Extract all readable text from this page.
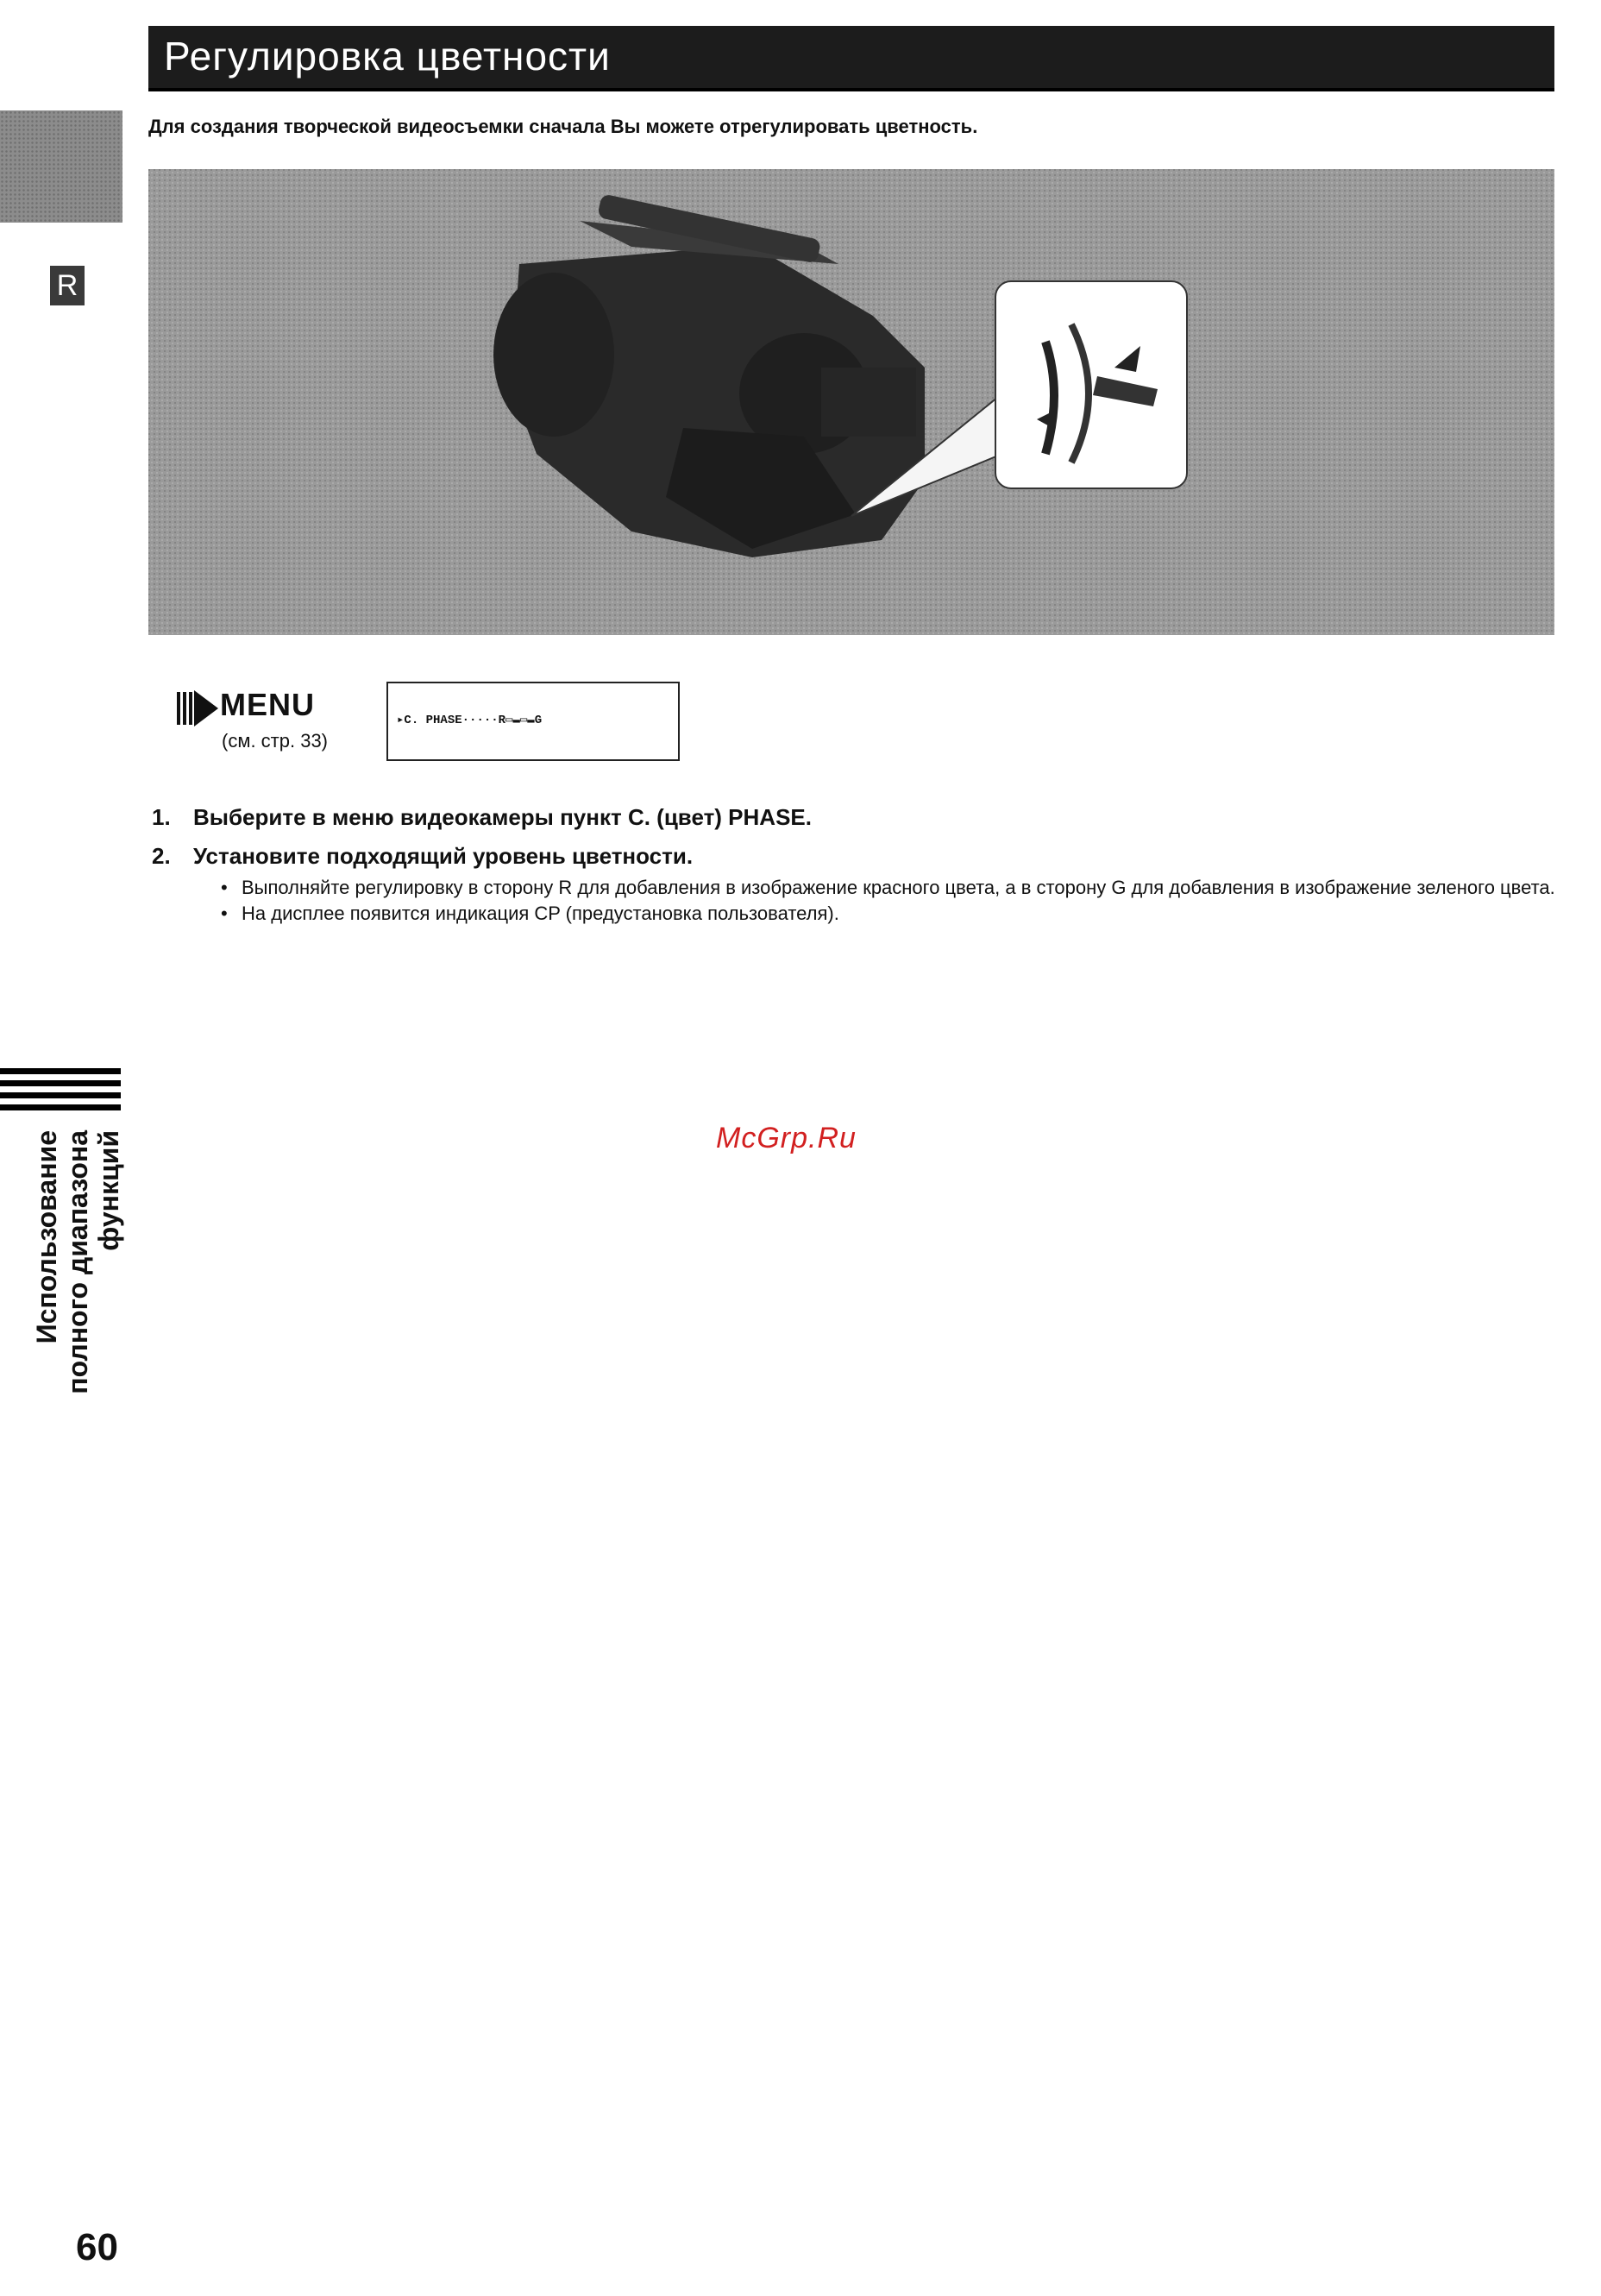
Регулировка цветности
R
Для создания творческой видеосъемки сначала Вы можете отрегулировать цветность.
MENU
(см. стр. 33)
▸C. PHASE·····R▭▬▭▬G
1. Выберите в меню видеокамеры пункт С. (цвет) PHASE.
2. Установите подходящий уровень цветности.
• Выполняйте регулировку в сторону R для добавления в изображение красного цвета, а в сторону G для добавления в изображение зеленого цвета.
• На дисплее появится индикация CP (предустановка пользователя).
Использование полного диапазона функций	McGrp.Ru
60
